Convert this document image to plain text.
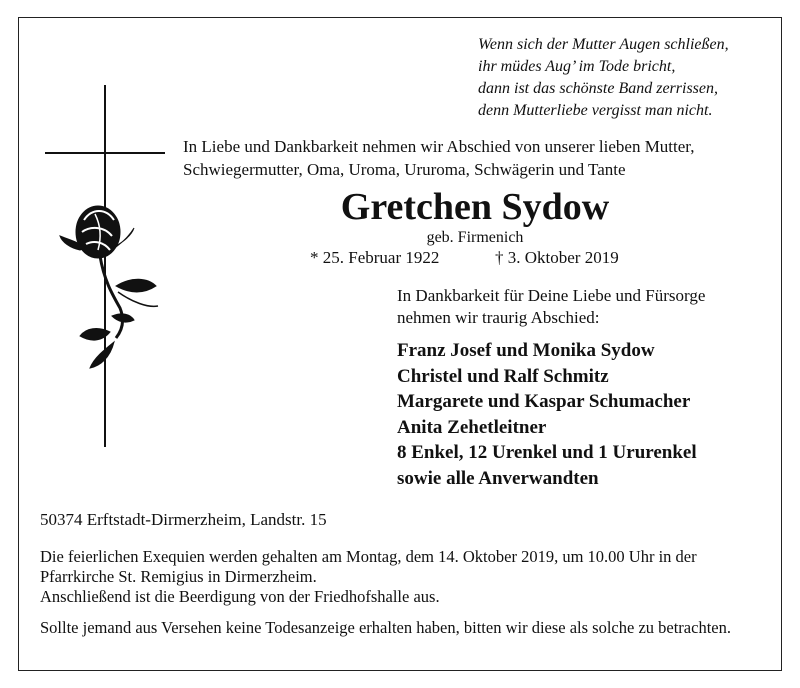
Wenn sich der Mutter Augen schließen,
ihr müdes Aug’ im Tode bricht,
dann ist das schönste Band zerrissen,
denn Mutterliebe vergisst man nicht.
In Liebe und Dankbarkeit nehmen wir Abschied von unserer lieben Mutter,
Schwiegermutter, Oma, Uroma, Ururoma, Schwägerin und Tante
Gretchen Sydow
geb. Firmenich
* 25. Februar 1922	† 3. Oktober 2019
In Dankbarkeit für Deine Liebe und Fürsorge
nehmen wir traurig Abschied:
Franz Josef und Monika Sydow
Christel und Ralf Schmitz
Margarete und Kaspar Schumacher
Anita Zehetleitner
8 Enkel, 12 Urenkel und 1 Ururenkel
sowie alle Anverwandten
50374 Erftstadt-Dirmerzheim, Landstr. 15
Die feierlichen Exequien werden gehalten am Montag, dem 14. Oktober 2019, um 10.00 Uhr in der
Pfarrkirche St. Remigius in Dirmerzheim.
Anschließend ist die Beerdigung von der Friedhofshalle aus.
Sollte jemand aus Versehen keine Todesanzeige erhalten haben, bitten wir diese als solche zu betrachten.
